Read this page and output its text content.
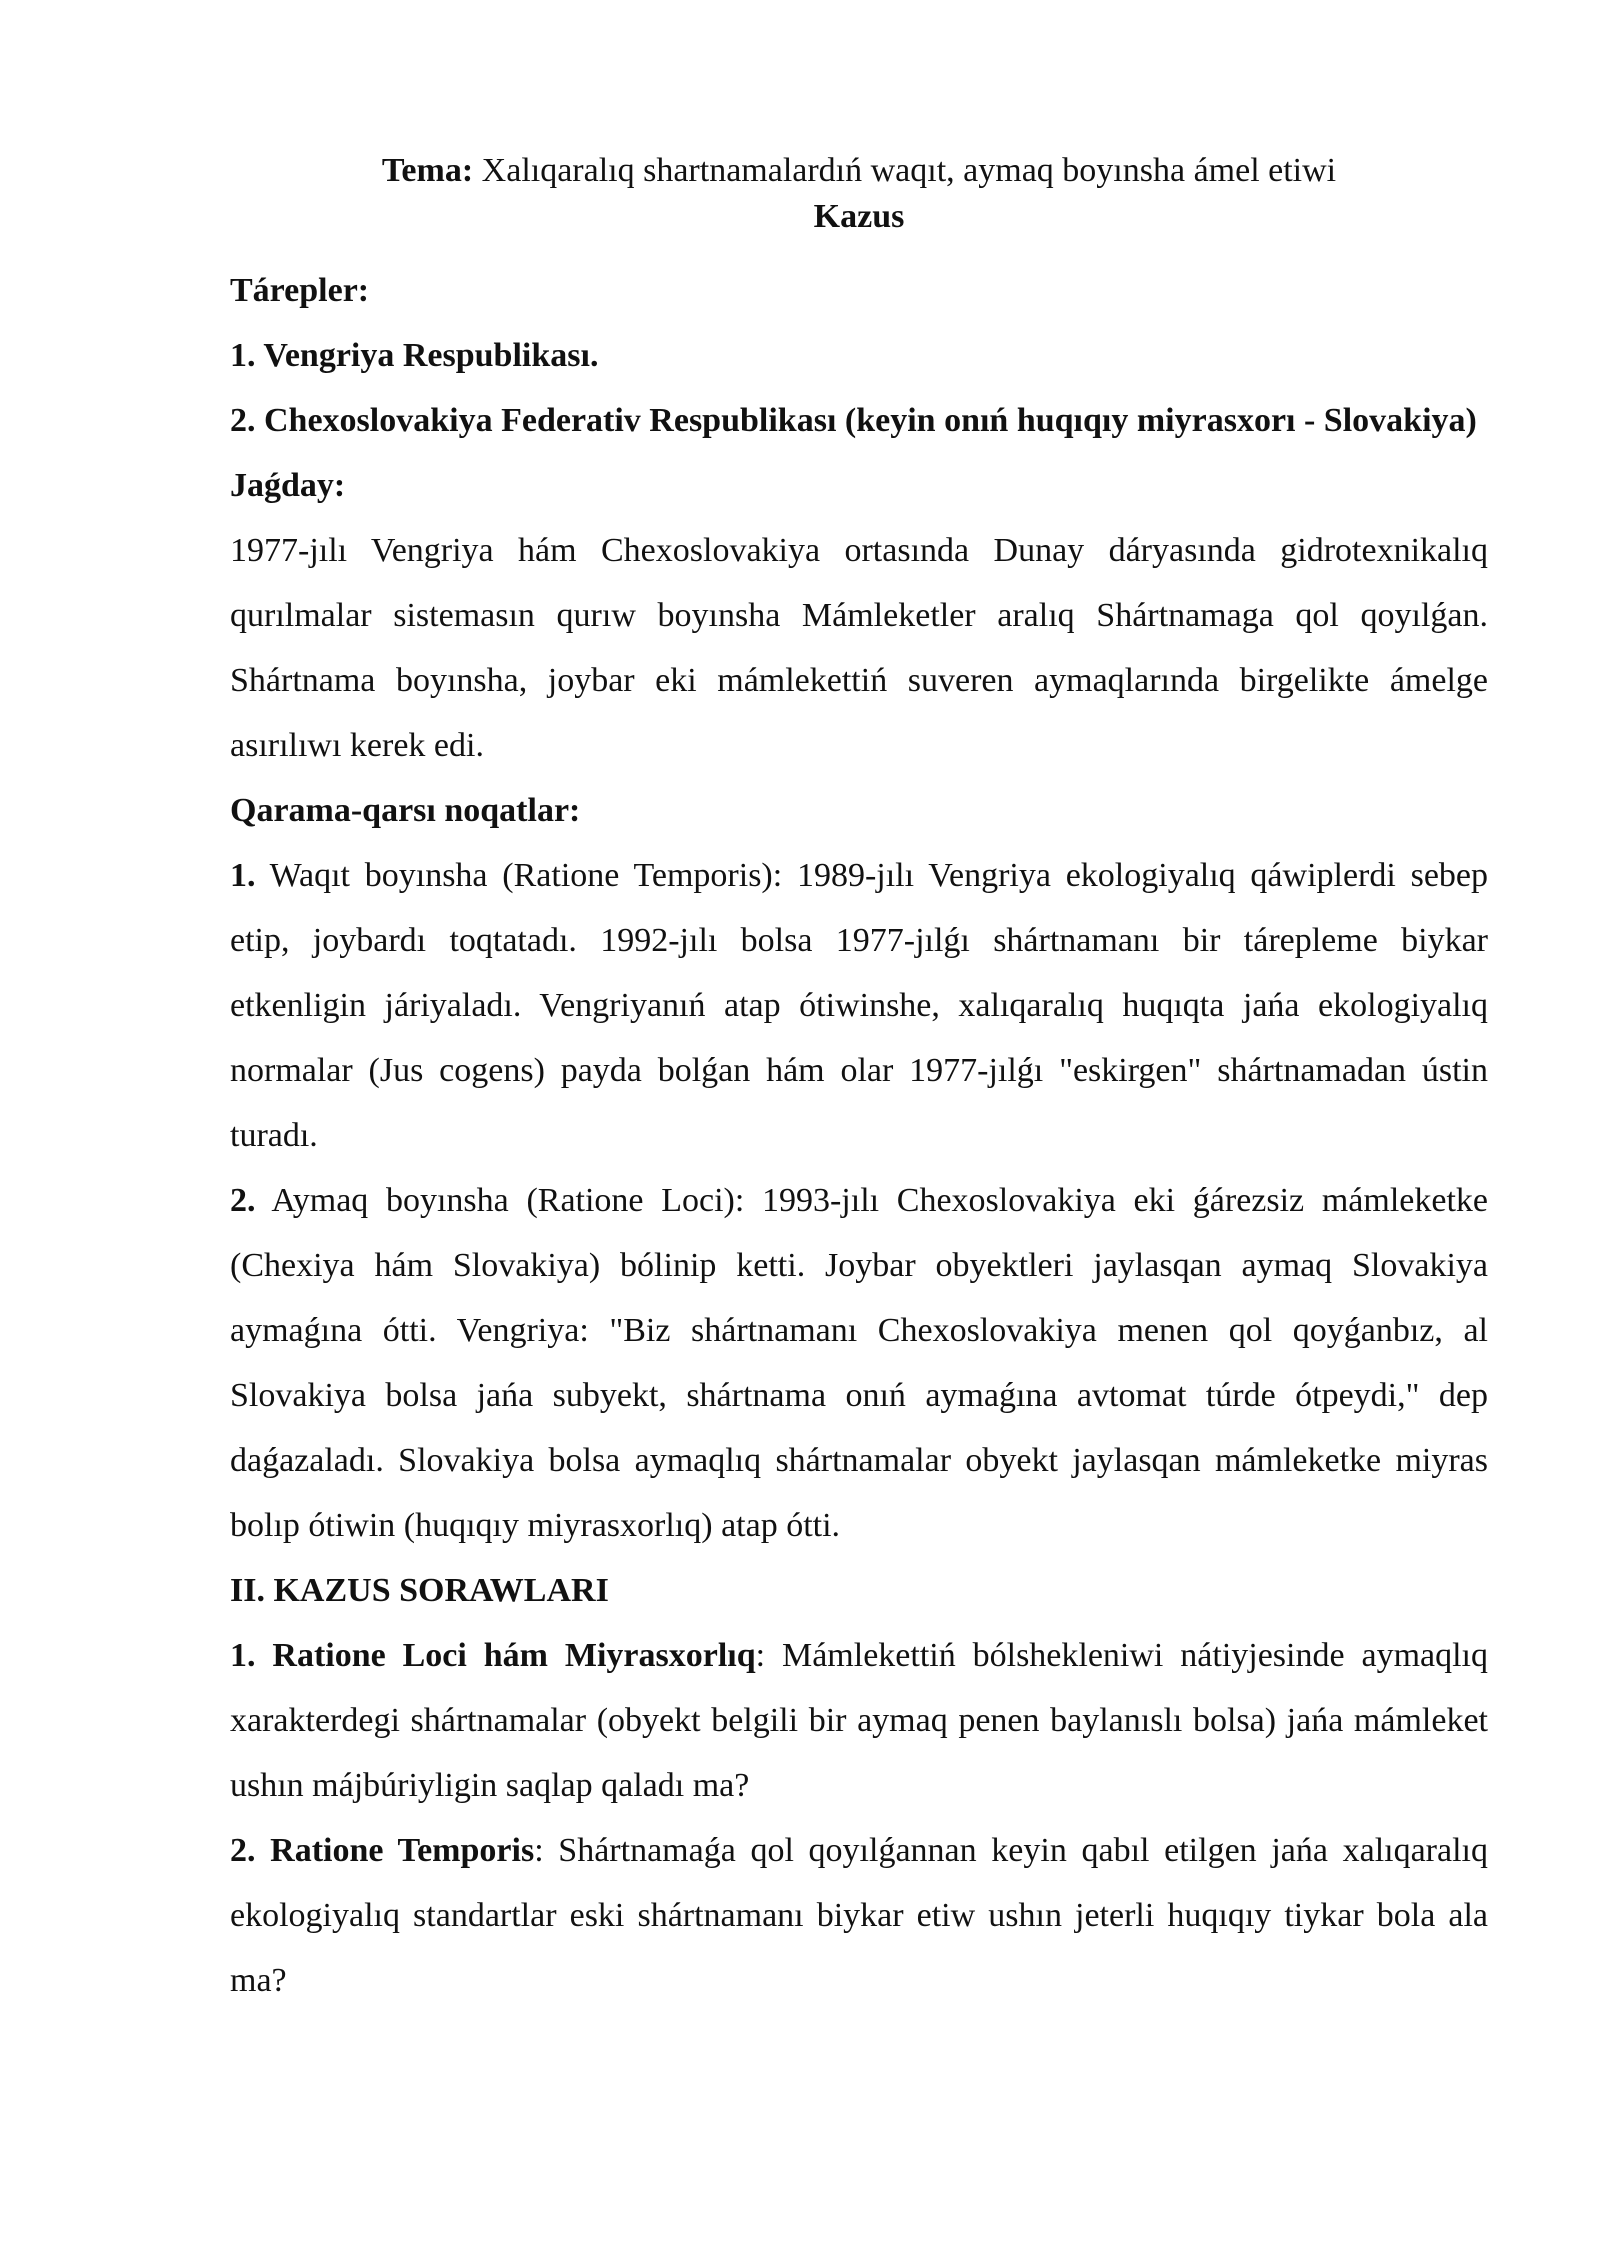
Tema: Xalıqaralıq shartnamalardıń waqıt, aymaq boyınsha ámel etiwi

Kazus

Tárepler:

1. Vengriya Respublikası.

2. Chexoslovakiya Federativ Respublikası (keyin onıń huqıqıy miyrasxorı - Slovakiya)

Jaǵday:

1977-jılı Vengriya hám Chexoslovakiya ortasında Dunay dáryasında gidrotexnikalıq qurılmalar sistemasın qurıw boyınsha Mámleketler aralıq Shártnamaga qol qoyılǵan. Shártnama boyınsha, joybar eki mámlekettiń suveren aymaqlarında birgelikte ámelge asırılıwı kerek edi.

Qarama-qarsı noqatlar:

1. Waqıt boyınsha (Ratione Temporis): 1989-jılı Vengriya ekologiyalıq qáwiplerdi sebep etip, joybardı toqtatadı. 1992-jılı bolsa 1977-jılǵı shártnamanı bir tárepleme biykar etkenligin járiyaladı. Vengriyanıń atap ótiwinshe, xalıqaralıq huqıqta jańa ekologiyalıq normalar (Jus cogens) payda bolǵan hám olar 1977-jılǵı "eskirgen" shártnamadan ústin turadı.

2. Aymaq boyınsha (Ratione Loci): 1993-jılı Chexoslovakiya eki ǵárezsiz mámleketke (Chexiya hám Slovakiya) bólinip ketti. Joybar obyektleri jaylasqan aymaq Slovakiya aymaǵına ótti. Vengriya: "Biz shártnamanı Chexoslovakiya menen qol qoyǵanbız, al Slovakiya bolsa jańa subyekt, shártnama onıń aymaǵına avtomat túrde ótpeydi," dep daǵazaladı. Slovakiya bolsa aymaqlıq shártnamalar obyekt jaylasqan mámleketke miyras bolıp ótiwin (huqıqıy miyrasxorlıq) atap ótti.

II. KAZUS SORAWLARI

1. Ratione Loci hám Miyrasxorlıq: Mámlekettiń bólshekleniwi nátiyjesinde aymaqlıq xarakterdegi shártnamalar (obyekt belgili bir aymaq penen baylanıslı bolsa) jańa mámleket ushın májbúriyligin saqlap qaladı ma?

2. Ratione Temporis: Shártnamaǵa qol qoyılǵannan keyin qabıl etilgen jańa xalıqaralıq ekologiyalıq standartlar eski shártnamanı biykar etiw ushın jeterli huqıqıy tiykar bola ala ma?
